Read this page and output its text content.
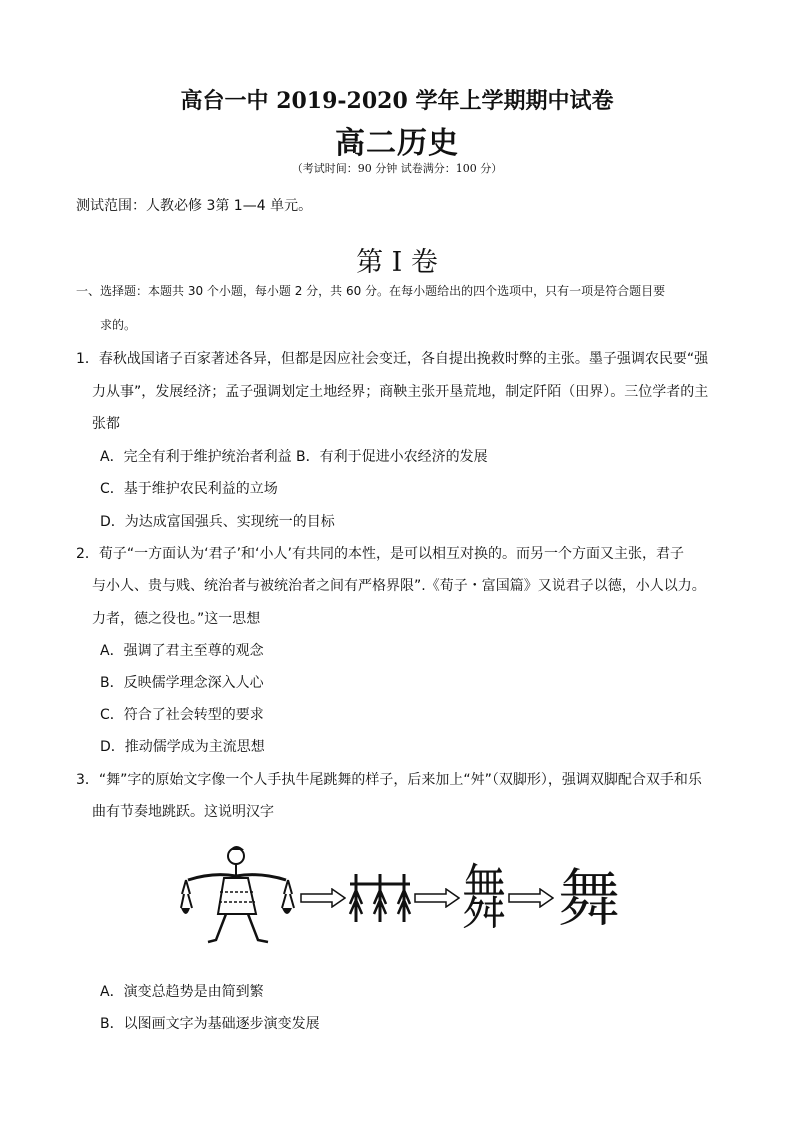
高台一中 2019-2020 学年上学期期中试卷
高二历史
（考试时间：90 分钟 试卷满分：100 分）
测试范围：人教必修 3第 1—4 单元。
第 I 卷
一、选择题：本题共 30 个小题，每小题 2 分，共 60 分。在每小题给出的四个选项中，只有一项是符合题目要
求的。
1．春秋战国诸子百家著述各异，但都是因应社会变迁，各自提出挽救时弊的主张。墨子强调农民要“强
力从事”，发展经济；孟子强调划定土地经界；商鞅主张开垦荒地，制定阡陌（田界）。三位学者的主
张都
A．完全有利于维护统治者利益 B．有利于促进小农经济的发展
C．基于维护农民利益的立场
D．为达成富国强兵、实现统一的目标
2．荀子“一方面认为‘君子’和‘小人’有共同的本性，是可以相互对换的。而另一个方面又主张，君子
与小人、贵与贱、统治者与被统治者之间有严格界限”.《荀子・富国篇》又说君子以德，小人以力。
力者，德之役也。”这一思想
A．强调了君主至尊的观念
B．反映儒学理念深入人心
C．符合了社会转型的要求
D．推动儒学成为主流思想
3．“舞”字的原始文字像一个人手执牛尾跳舞的样子，后来加上“舛”（双脚形），强调双脚配合双手和乐
曲有节奏地跳跃。这说明汉字
舞 舞
A．演变总趋势是由简到繁
B．以图画文字为基础逐步演变发展
